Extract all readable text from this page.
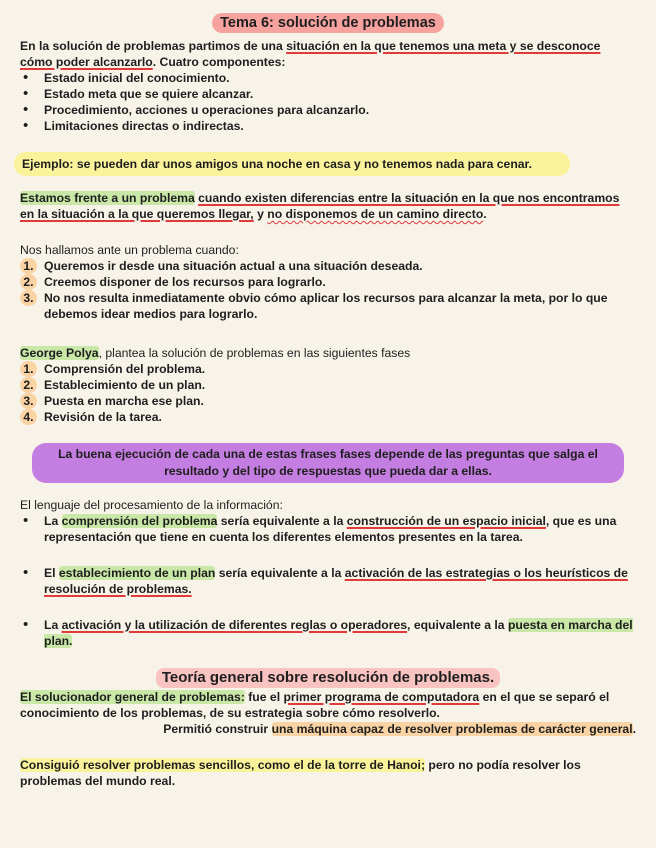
Tema 6: solución de problemas

En la solución de problemas partimos de una situación en la que tenemos una meta y se desconoce cómo poder alcanzarlo. Cuatro componentes:

• Estado inicial del conocimiento.
• Estado meta que se quiere alcanzar.
• Procedimiento, acciones u operaciones para alcanzarlo.
• Limitaciones directas o indirectas.
Ejemplo: se pueden dar unos amigos una noche en casa y no tenemos nada para cenar.

Estamos frente a un problema cuando existen diferencias entre la situación en la que nos encontramos en la situación a la que queremos llegar, y no disponemos de un camino directo.

Nos hallamos ante un problema cuando:

1. Queremos ir desde una situación actual a una situación deseada.
2. Creemos disponer de los recursos para lograrlo.
3. No nos resulta inmediatamente obvio cómo aplicar los recursos para alcanzar la meta, por lo que debemos idear medios para lograrlo.

George Polya, plantea la solución de problemas en las siguientes fases

1. Comprensión del problema.
2. Establecimiento de un plan.
3. Puesta en marcha ese plan.
4. Revisión de la tarea.
La buena ejecución de cada una de estas frases fases depende de las preguntas que salga el resultado y del tipo de respuestas que pueda dar a ellas.

El lenguaje del procesamiento de la información:

• La comprensión del problema sería equivalente a la construcción de un espacio inicial, que es una representación que tiene en cuenta los diferentes elementos presentes en la tarea.
• El establecimiento de un plan sería equivalente a la activación de las estrategias o los heurísticos de resolución de problemas.
• La activación y la utilización de diferentes reglas o operadores, equivalente a la puesta en marcha del plan.
Teoría general sobre resolución de problemas.

El solucionador general de problemas: fue el primer programa de computadora en el que se separó el conocimiento de los problemas, de su estrategia sobre cómo resolverlo.

Permitió construir una máquina capaz de resolver problemas de carácter general.

Consiguió resolver problemas sencillos, como el de la torre de Hanoi; pero no podía resolver los problemas del mundo real.
